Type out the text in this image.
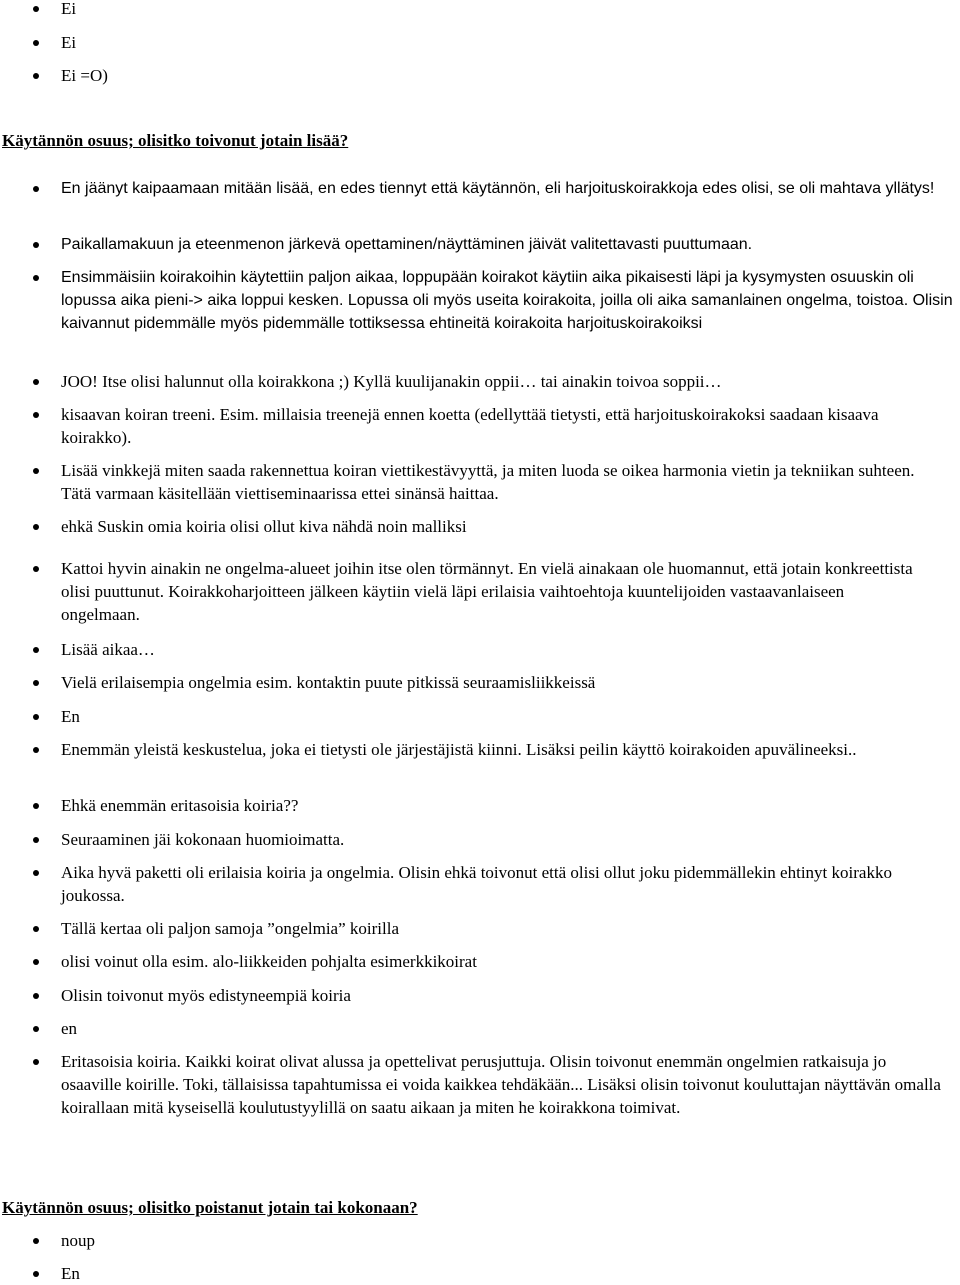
Ei
Ei
Ei =O)
Käytännön osuus; olisitko toivonut jotain lisää?
En jäänyt kaipaamaan mitään lisää, en edes tiennyt että käytännön, eli harjoituskoirakkoja edes olisi, se oli mahtava yllätys!
Paikallamakuun ja eteenmenon järkevä opettaminen/näyttäminen jäivät valitettavasti puuttumaan.
Ensimmäisiin koirakoihin käytettiin paljon aikaa, loppupään koirakot käytiin aika pikaisesti läpi ja kysymysten osuuskin oli lopussa aika pieni-> aika loppui kesken. Lopussa oli myös useita koirakoita, joilla oli aika samanlainen ongelma, toistoa. Olisin kaivannut pidemmälle myös pidemmälle tottiksessa ehtineitä koirakoita harjoituskoirakoiksi
JOO! Itse olisi halunnut olla koirakkona ;) Kyllä kuulijanakin oppii… tai ainakin toivoa soppii…
kisaavan koiran treeni. Esim. millaisia treenejä ennen koetta (edellyttää tietysti, että harjoituskoirakoksi saadaan kisaava koirakko).
Lisää vinkkejä miten saada rakennettua koiran viettikestävyyttä, ja miten luoda se oikea harmonia vietin ja tekniikan suhteen. Tätä varmaan käsitellään viettiseminaarissa ettei sinänsä haittaa.
ehkä Suskin omia koiria olisi ollut kiva nähdä noin malliksi
Kattoi hyvin ainakin ne ongelma-alueet joihin itse olen törmännyt. En vielä ainakaan ole huomannut, että jotain konkreettista olisi puuttunut. Koirakkoharjoitteen jälkeen käytiin vielä läpi erilaisia vaihtoehtoja kuuntelijoiden vastaavanlaiseen ongelmaan.
Lisää aikaa…
Vielä erilaisempia ongelmia esim. kontaktin puute pitkissä seuraamisliikkeissä
En
Enemmän yleistä keskustelua, joka ei tietysti ole järjestäjistä kiinni. Lisäksi peilin käyttö koirakoiden apuvälineeksi..
Ehkä enemmän eritasoisia koiria??
Seuraaminen jäi kokonaan huomioimatta.
Aika hyvä paketti oli erilaisia koiria ja ongelmia. Olisin ehkä toivonut että olisi ollut joku pidemmällekin ehtinyt koirakko joukossa.
Tällä kertaa oli paljon samoja ”ongelmia” koirilla
olisi voinut olla esim. alo-liikkeiden pohjalta esimerkkikoirat
Olisin toivonut myös edistyneempiä koiria
en
Eritasoisia koiria. Kaikki koirat olivat alussa ja opettelivat perusjuttuja. Olisin toivonut enemmän ongelmien ratkaisuja jo osaaville koirille. Toki, tällaisissa tapahtumissa ei voida kaikkea tehdäkään... Lisäksi olisin toivonut kouluttajan näyttävän omalla koirallaan mitä kyseisellä koulutustyylillä on saatu aikaan ja miten he koirakkona toimivat.
Käytännön osuus; olisitko poistanut jotain tai kokonaan?
noup
En
